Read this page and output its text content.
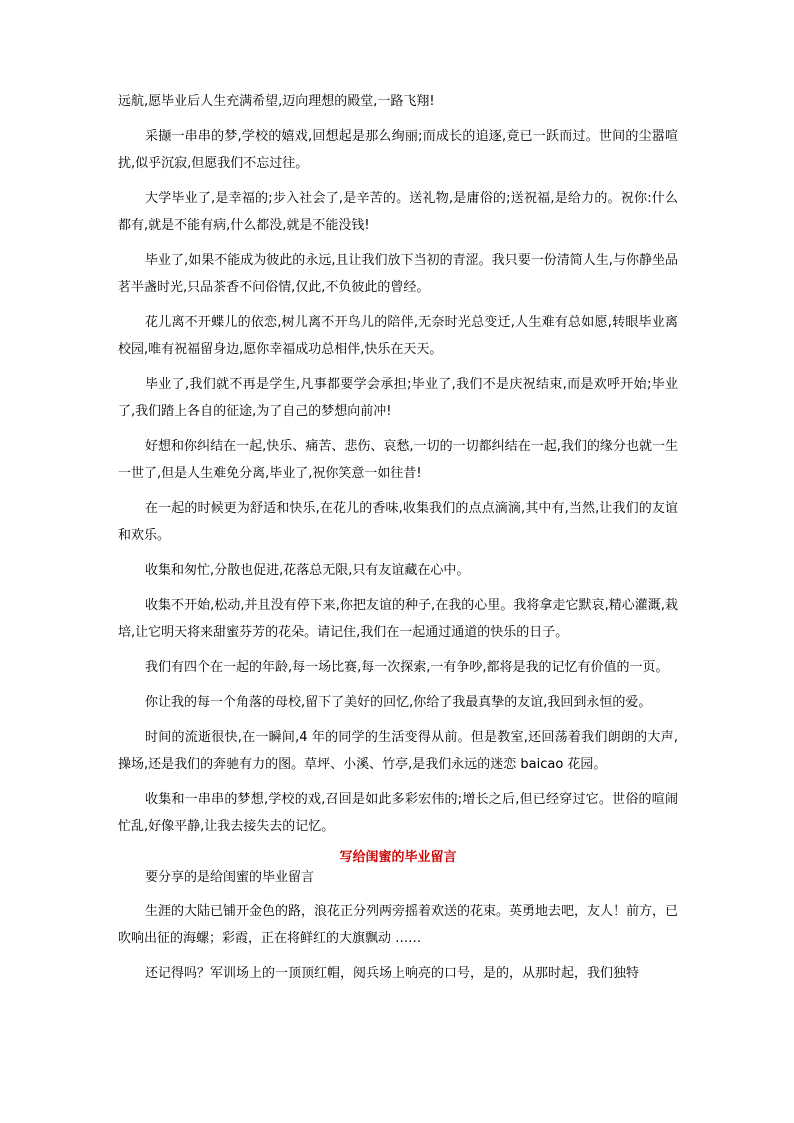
远航,愿毕业后人生充满希望,迈向理想的殿堂,一路飞翔!

采撷一串串的梦,学校的嬉戏,回想起是那么绚丽;而成长的追逐,竟已一跃而过。世间的尘嚣喧扰,似乎沉寂,但愿我们不忘过往。

大学毕业了,是幸福的;步入社会了,是辛苦的。送礼物,是庸俗的;送祝福,是给力的。祝你:什么都有,就是不能有病,什么都没,就是不能没钱!

毕业了,如果不能成为彼此的永远,且让我们放下当初的青涩。我只要一份清简人生,与你静坐品茗半盏时光,只品茶香不问俗情,仅此,不负彼此的曾经。

花儿离不开蝶儿的依恋,树儿离不开鸟儿的陪伴,无奈时光总变迁,人生难有总如愿,转眼毕业离校园,唯有祝福留身边,愿你幸福成功总相伴,快乐在天天。

毕业了,我们就不再是学生,凡事都要学会承担;毕业了,我们不是庆祝结束,而是欢呼开始;毕业了,我们踏上各自的征途,为了自己的梦想向前冲!

好想和你纠结在一起,快乐、痛苦、悲伤、哀愁,一切的一切都纠结在一起,我们的缘分也就一生一世了,但是人生难免分离,毕业了,祝你笑意一如往昔!

在一起的时候更为舒适和快乐,在花儿的香味,收集我们的点点滴滴,其中有,当然,让我们的友谊和欢乐。

收集和匆忙,分散也促进,花落总无限,只有友谊藏在心中。

收集不开始,松动,并且没有停下来,你把友谊的种子,在我的心里。我将拿走它默哀,精心灌溉,栽培,让它明天将来甜蜜芬芳的花朵。请记住,我们在一起通过通道的快乐的日子。

我们有四个在一起的年龄,每一场比赛,每一次探索,一有争吵,都将是我的记忆有价值的一页。

你让我的每一个角落的母校,留下了美好的回忆,你给了我最真挚的友谊,我回到永恒的爱。

时间的流逝很快,在一瞬间,4 年的同学的生活变得从前。但是教室,还回荡着我们朗朗的大声,操场,还是我们的奔驰有力的图。草坪、小溪、竹亭,是我们永远的迷恋 baicao 花园。

收集和一串串的梦想,学校的戏,召回是如此多彩宏伟的;增长之后,但已经穿过它。世俗的喧闹忙乱,好像平静,让我去接失去的记忆。

写给闺蜜的毕业留言
要分享的是给闺蜜的毕业留言

生涯的大陆已铺开金色的路，浪花正分列两旁摇着欢送的花束。英勇地去吧，友人！前方，已吹响出征的海螺；彩霞，正在将鲜红的大旗飘动 ……

还记得吗？军训场上的一顶顶红帽，阅兵场上响亮的口号，是的，从那时起，我们独特
